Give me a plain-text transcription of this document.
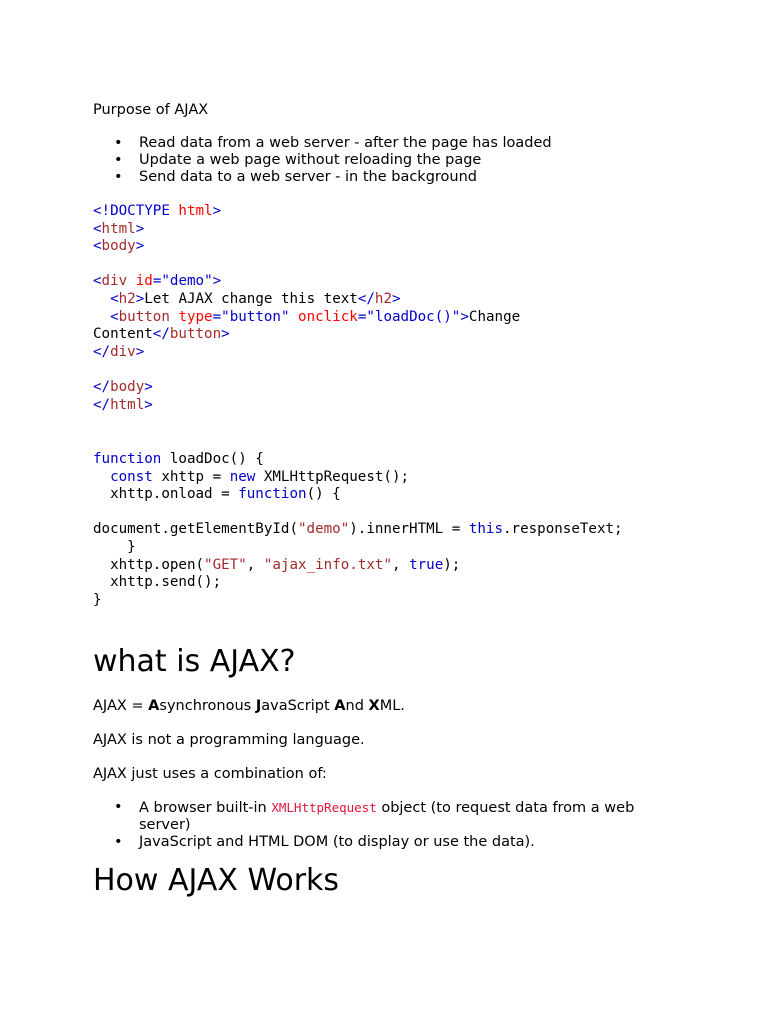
Purpose of AJAX
• Read data from a web server - after the page has loaded
• Update a web page without reloading the page
• Send data to a web server - in the background
<!DOCTYPE html>
<html>
<body>

<div id="demo">
<h2>Let AJAX change this text</h2>
<button type="button" onclick="loadDoc()">Change
Content</button>
</div>

</body>
</html>
function loadDoc() {
const xhttp = new XMLHttpRequest();
xhttp.onload = function() {

document.getElementById("demo").innerHTML = this.responseText;
}
xhttp.open("GET", "ajax_info.txt", true);
xhttp.send();
}
what is AJAX?
AJAX = Asynchronous JavaScript And XML.
AJAX is not a programming language.
AJAX just uses a combination of:
• A browser built-in XMLHttpRequest object (to request data from a web server)
• JavaScript and HTML DOM (to display or use the data).
How AJAX Works
